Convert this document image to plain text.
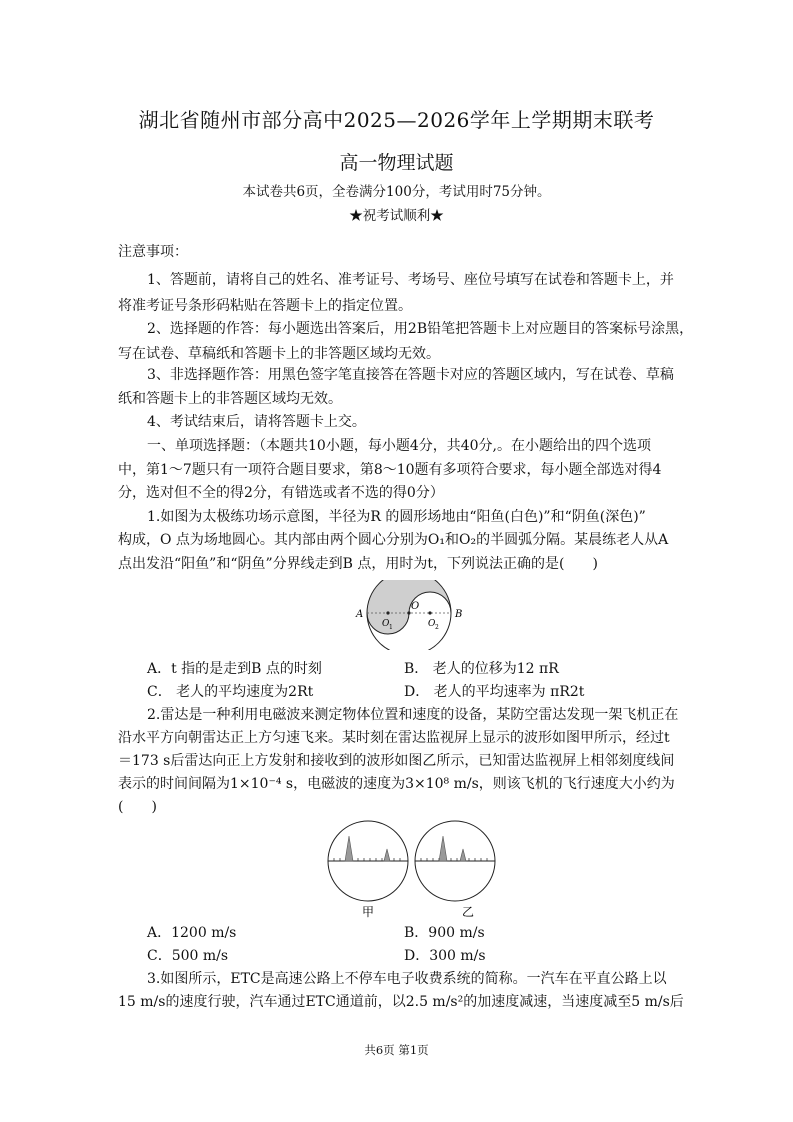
湖北省随州市部分高中2025—2026学年上学期期末联考
高一物理试题
本试卷共6页，全卷满分100分，考试用时75分钟。
★祝考试顺利★
注意事项：
1、答题前，请将自己的姓名、准考证号、考场号、座位号填写在试卷和答题卡上，并
将准考证号条形码粘贴在答题卡上的指定位置。
2、选择题的作答：每小题选出答案后，用2B铅笔把答题卡上对应题目的答案标号涂黑，
写在试卷、草稿纸和答题卡上的非答题区域均无效。
3、非选择题作答：用黑色签字笔直接答在答题卡对应的答题区域内，写在试卷、草稿
纸和答题卡上的非答题区域均无效。
4、考试结束后，请将答题卡上交。
一、单项选择题：（本题共10小题，每小题4分，共40分,。在小题给出的四个选项
中，第1～7题只有一项符合题目要求，第8～10题有多项符合要求，每小题全部选对得4
分，选对但不全的得2分，有错选或者不选的得0分）
1.如图为太极练功场示意图，半径为R 的圆形场地由“阳鱼(白色)”和“阴鱼(深色)”
构成，O 点为场地圆心。其内部由两个圆心分别为O₁和O₂的半圆弧分隔。某晨练老人从A
点出发沿“阳鱼”和“阴鱼”分界线走到B 点，用时为t，下列说法正确的是(　　)
A	B
O
O 1	O 2
A．t 指的是走到B 点的时刻	B． 老人的位移为12 πR
C． 老人的平均速度为2Rt	D． 老人的平均速率为 πR2t
2.雷达是一种利用电磁波来测定物体位置和速度的设备，某防空雷达发现一架飞机正在
沿水平方向朝雷达正上方匀速飞来。某时刻在雷达监视屏上显示的波形如图甲所示，经过t
＝173 s后雷达向正上方发射和接收到的波形如图乙所示，已知雷达监视屏上相邻刻度线间
表示的时间间隔为1×10⁻⁴ s，电磁波的速度为3×10⁸ m/s，则该飞机的飞行速度大小约为
(　　)
甲	乙
A．1200 m/s	B．900 m/s
C．500 m/s	D．300 m/s
3.如图所示，ETC是高速公路上不停车电子收费系统的简称。一汽车在平直公路上以
15 m/s的速度行驶，汽车通过ETC通道前，以2.5 m/s²的加速度减速，当速度减至5 m/s后
共6页 第1页
